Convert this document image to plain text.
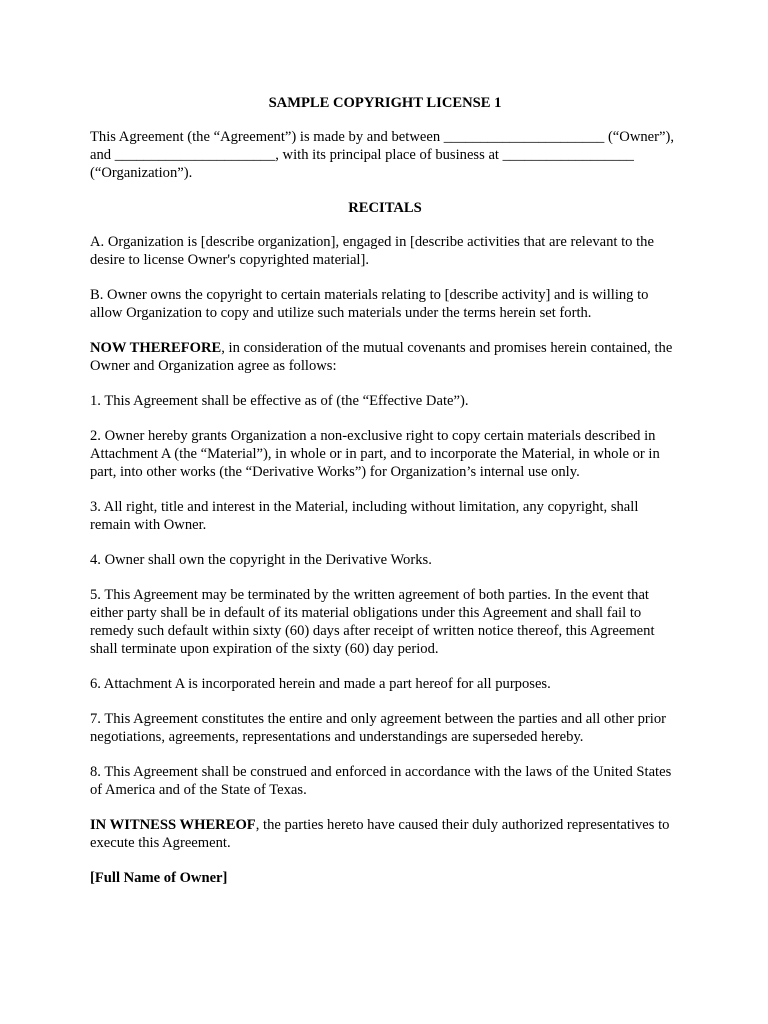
SAMPLE COPYRIGHT LICENSE 1

This Agreement (the “Agreement”) is made by and between ______________________ (“Owner”), and ______________________, with its principal place of business at __________________ (“Organization”).

RECITALS

A. Organization is [describe organization], engaged in [describe activities that are relevant to the desire to license Owner's copyrighted material].

B. Owner owns the copyright to certain materials relating to [describe activity] and is willing to allow Organization to copy and utilize such materials under the terms herein set forth.

NOW THEREFORE, in consideration of the mutual covenants and promises herein contained, the Owner and Organization agree as follows:

1. This Agreement shall be effective as of (the “Effective Date”).

2. Owner hereby grants Organization a non-exclusive right to copy certain materials described in Attachment A (the “Material”), in whole or in part, and to incorporate the Material, in whole or in part, into other works (the “Derivative Works”) for Organization’s internal use only.

3. All right, title and interest in the Material, including without limitation, any copyright, shall remain with Owner.

4. Owner shall own the copyright in the Derivative Works.

5. This Agreement may be terminated by the written agreement of both parties. In the event that either party shall be in default of its material obligations under this Agreement and shall fail to remedy such default within sixty (60) days after receipt of written notice thereof, this Agreement shall terminate upon expiration of the sixty (60) day period.

6. Attachment A is incorporated herein and made a part hereof for all purposes.

7. This Agreement constitutes the entire and only agreement between the parties and all other prior negotiations, agreements, representations and understandings are superseded hereby.

8. This Agreement shall be construed and enforced in accordance with the laws of the United States of America and of the State of Texas.

IN WITNESS WHEREOF, the parties hereto have caused their duly authorized representatives to execute this Agreement.

[Full Name of Owner]
